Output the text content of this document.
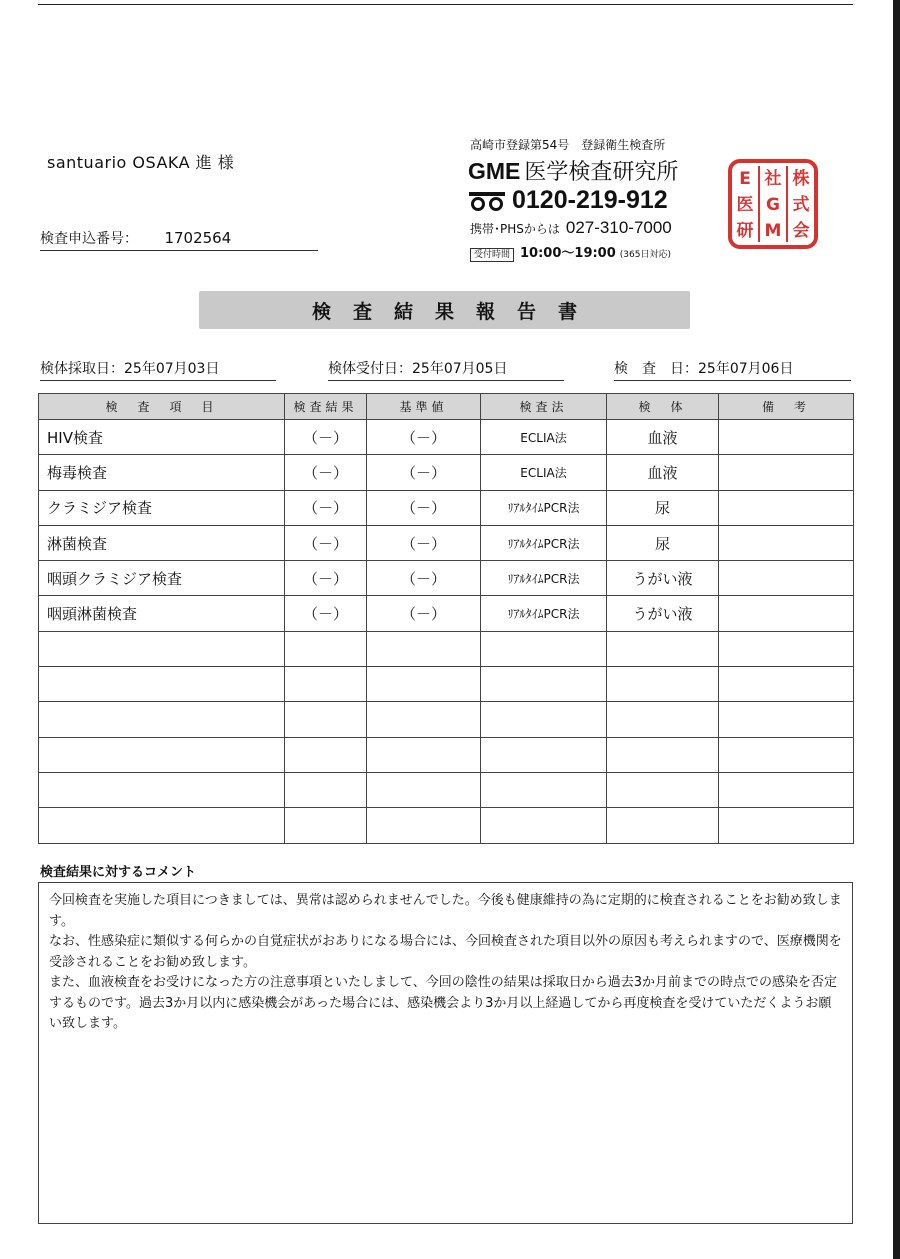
santuario OSAKA 進 様
検査申込番号： 1702564
高崎市登録第54号　登録衛生検査所
GME 医学検査研究所
0120-219-912
携帯･PHSからは 027-310-7000
受付時間 10:00〜19:00 (365日対応)
株
式
会
社
G
M
E
医
研
検査結果報告書
検体採取日：25年07月03日	検体受付日：25年07月05日	検　査　日：25年07月06日
検　査　項　目	検査結果	基準値	検査法	検　体	備　考
HIV検査	（－）	（－）	ECLIA法	血液	
梅毒検査	（－）	（－）	ECLIA法	血液	
クラミジア検査	（－）	（－）	ﾘｱﾙﾀｲﾑPCR法	尿	
淋菌検査	（－）	（－）	ﾘｱﾙﾀｲﾑPCR法	尿	
咽頭クラミジア検査	（－）	（－）	ﾘｱﾙﾀｲﾑPCR法	うがい液	
咽頭淋菌検査	（－）	（－）	ﾘｱﾙﾀｲﾑPCR法	うがい液	

検査結果に対するコメント

今回検査を実施した項目につきましては、異常は認められませんでした。今後も健康維持の為に定期的に検査されることをお勧め致します。

なお、性感染症に類似する何らかの自覚症状がおありになる場合には、今回検査された項目以外の原因も考えられますので、医療機関を受診されることをお勧め致します。

また、血液検査をお受けになった方の注意事項といたしまして、今回の陰性の結果は採取日から過去3か月前までの時点での感染を否定するものです。過去3か月以内に感染機会があった場合には、感染機会より3か月以上経過してから再度検査を受けていただくようお願い致します。
